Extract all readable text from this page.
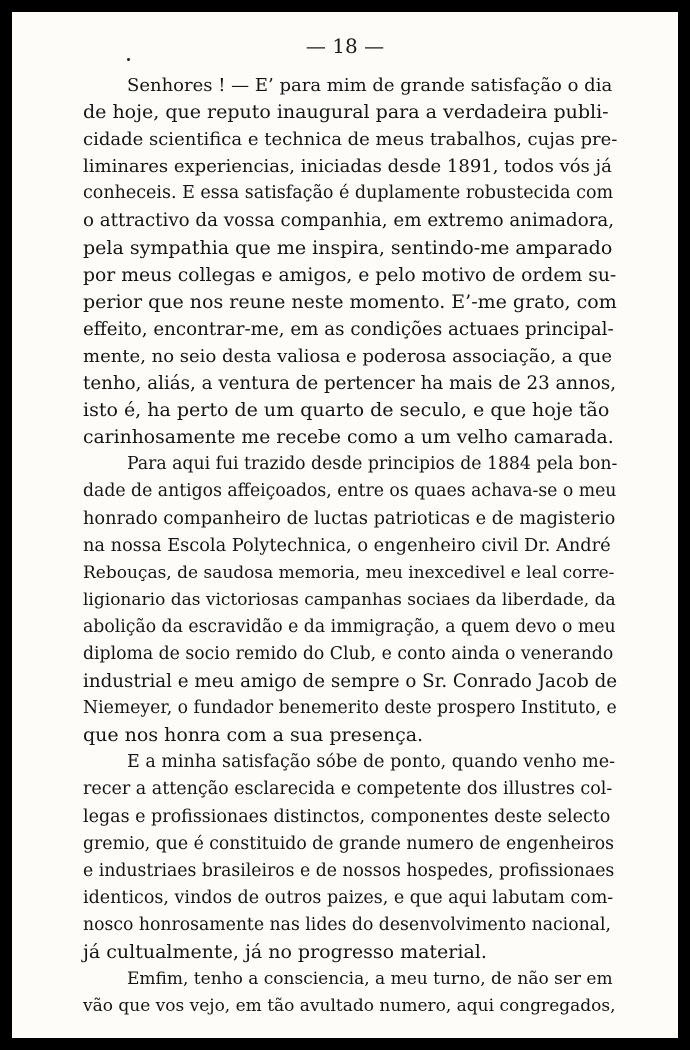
— 18 —

Senhores ! — E’ para mim de grande satisfação o dia

de hoje, que reputo inaugural para a verdadeira publi-

cidade scientifica e technica de meus trabalhos, cujas pre-

liminares experiencias, iniciadas desde 1891, todos vós já

conheceis. E essa satisfação é duplamente robustecida com

o attractivo da vossa companhia, em extremo animadora,

pela sympathia que me inspira, sentindo-me amparado

por meus collegas e amigos, e pelo motivo de ordem su-

perior que nos reune neste momento. E’-me grato, com

effeito, encontrar-me, em as condições actuaes principal-

mente, no seio desta valiosa e poderosa associação, a que

tenho, aliás, a ventura de pertencer ha mais de 23 annos,

isto é, ha perto de um quarto de seculo, e que hoje tão

carinhosamente me recebe como a um velho camarada.

Para aqui fui trazido desde principios de 1884 pela bon-

dade de antigos affeiçoados, entre os quaes achava-se o meu

honrado companheiro de luctas patrioticas e de magisterio

na nossa Escola Polytechnica, o engenheiro civil Dr. André

Rebouças, de saudosa memoria, meu inexcedivel e leal corre-

ligionario das victoriosas campanhas sociaes da liberdade, da

abolição da escravidão e da immigração, a quem devo o meu

diploma de socio remido do Club, e conto ainda o venerando

industrial e meu amigo de sempre o Sr. Conrado Jacob de

Niemeyer, o fundador benemerito deste prospero Instituto, e

que nos honra com a sua presença.

E a minha satisfação sóbe de ponto, quando venho me-

recer a attenção esclarecida e competente dos illustres col-

legas e profissionaes distinctos, componentes deste selecto

gremio, que é constituido de grande numero de engenheiros

e industriaes brasileiros e de nossos hospedes, profissionaes

identicos, vindos de outros paizes, e que aqui labutam com-

nosco honrosamente nas lides do desenvolvimento nacional,

já cultualmente, já no progresso material.

Emfim, tenho a consciencia, a meu turno, de não ser em

vão que vos vejo, em tão avultado numero, aqui congregados,
